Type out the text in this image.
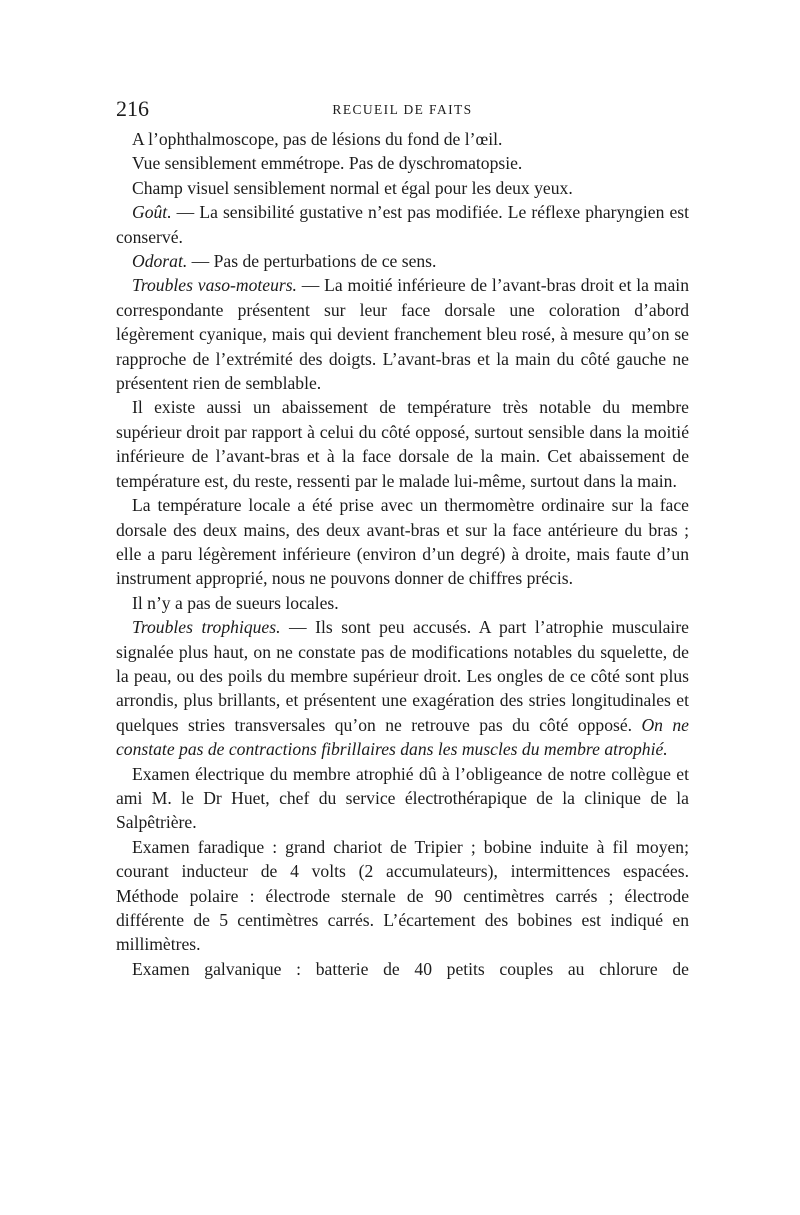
216	RECUEIL DE FAITS

A l’ophthalmoscope, pas de lésions du fond de l’œil.

Vue sensiblement emmétrope. Pas de dyschromatopsie.

Champ visuel sensiblement normal et égal pour les deux yeux.

Goût. — La sensibilité gustative n’est pas modifiée. Le réflexe pharyngien est conservé.

Odorat. — Pas de perturbations de ce sens.

Troubles vaso-moteurs. — La moitié inférieure de l’avant-bras droit et la main correspondante présentent sur leur face dorsale une coloration d’abord légèrement cyanique, mais qui devient franchement bleu rosé, à mesure qu’on se rapproche de l’extrémité des doigts. L’avant-bras et la main du côté gauche ne présentent rien de semblable.

Il existe aussi un abaissement de température très notable du membre supérieur droit par rapport à celui du côté opposé, surtout sensible dans la moitié inférieure de l’avant-bras et à la face dorsale de la main. Cet abaissement de température est, du reste, ressenti par le malade lui-même, surtout dans la main.

La température locale a été prise avec un thermomètre ordinaire sur la face dorsale des deux mains, des deux avant-bras et sur la face antérieure du bras ; elle a paru légèrement inférieure (environ d’un degré) à droite, mais faute d’un instrument approprié, nous ne pouvons donner de chiffres précis.

Il n’y a pas de sueurs locales.

Troubles trophiques. — Ils sont peu accusés. A part l’atrophie musculaire signalée plus haut, on ne constate pas de modifications notables du squelette, de la peau, ou des poils du membre supérieur droit. Les ongles de ce côté sont plus arrondis, plus brillants, et présentent une exagération des stries longitudinales et quelques stries transversales qu’on ne retrouve pas du côté opposé. On ne constate pas de contractions fibrillaires dans les muscles du membre atrophié.

Examen électrique du membre atrophié dû à l’obligeance de notre collègue et ami M. le Dr Huet, chef du service électrothérapique de la clinique de la Salpêtrière.

Examen faradique : grand chariot de Tripier ; bobine induite à fil moyen; courant inducteur de 4 volts (2 accumulateurs), intermittences espacées. Méthode polaire : électrode sternale de 90 centimètres carrés ; électrode différente de 5 centimètres carrés. L’écartement des bobines est indiqué en millimètres.

Examen galvanique : batterie de 40 petits couples au chlorure de
